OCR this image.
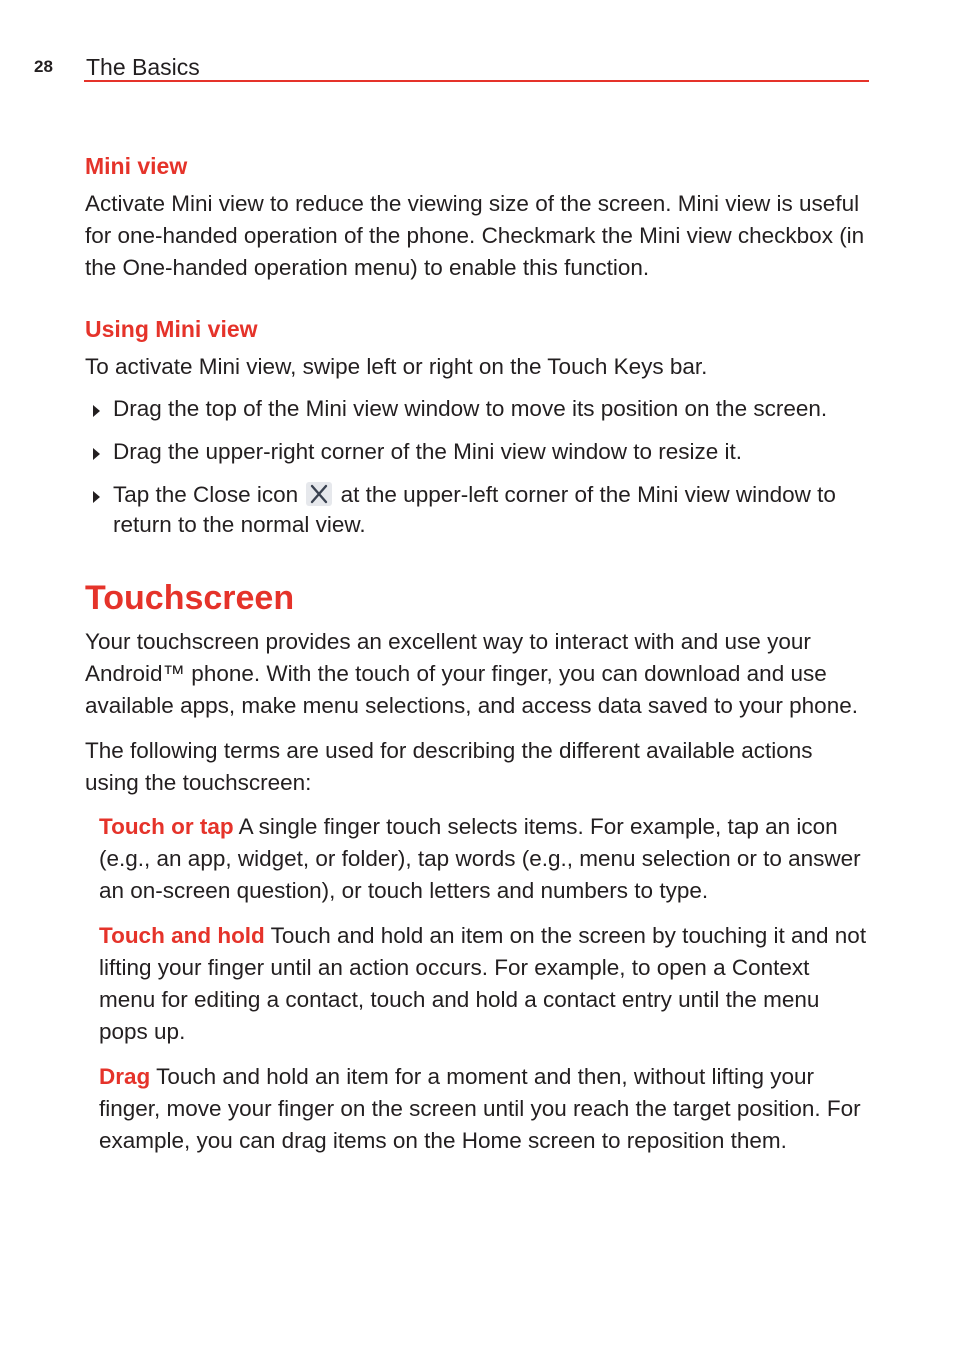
28 The Basics
Mini view

Activate Mini view to reduce the viewing size of the screen. Mini view is useful for one-handed operation of the phone. Checkmark the Mini view checkbox (in the One-handed operation menu) to enable this function.

Using Mini view

To activate Mini view, swipe left or right on the Touch Keys bar.

Drag the top of the Mini view window to move its position on the screen.
Drag the upper-right corner of the Mini view window to resize it.
Tap the Close icon at the upper-left corner of the Mini view window to return to the normal view.
Touchscreen

Your touchscreen provides an excellent way to interact with and use your Android™ phone. With the touch of your finger, you can download and use available apps, make menu selections, and access data saved to your phone.

The following terms are used for describing the different available actions using the touchscreen:

Touch or tap A single finger touch selects items. For example, tap an icon (e.g., an app, widget, or folder), tap words (e.g., menu selection or to answer an on-screen question), or touch letters and numbers to type.

Touch and hold Touch and hold an item on the screen by touching it and not lifting your finger until an action occurs. For example, to open a Context menu for editing a contact, touch and hold a contact entry until the menu pops up.

Drag Touch and hold an item for a moment and then, without lifting your finger, move your finger on the screen until you reach the target position. For example, you can drag items on the Home screen to reposition them.
